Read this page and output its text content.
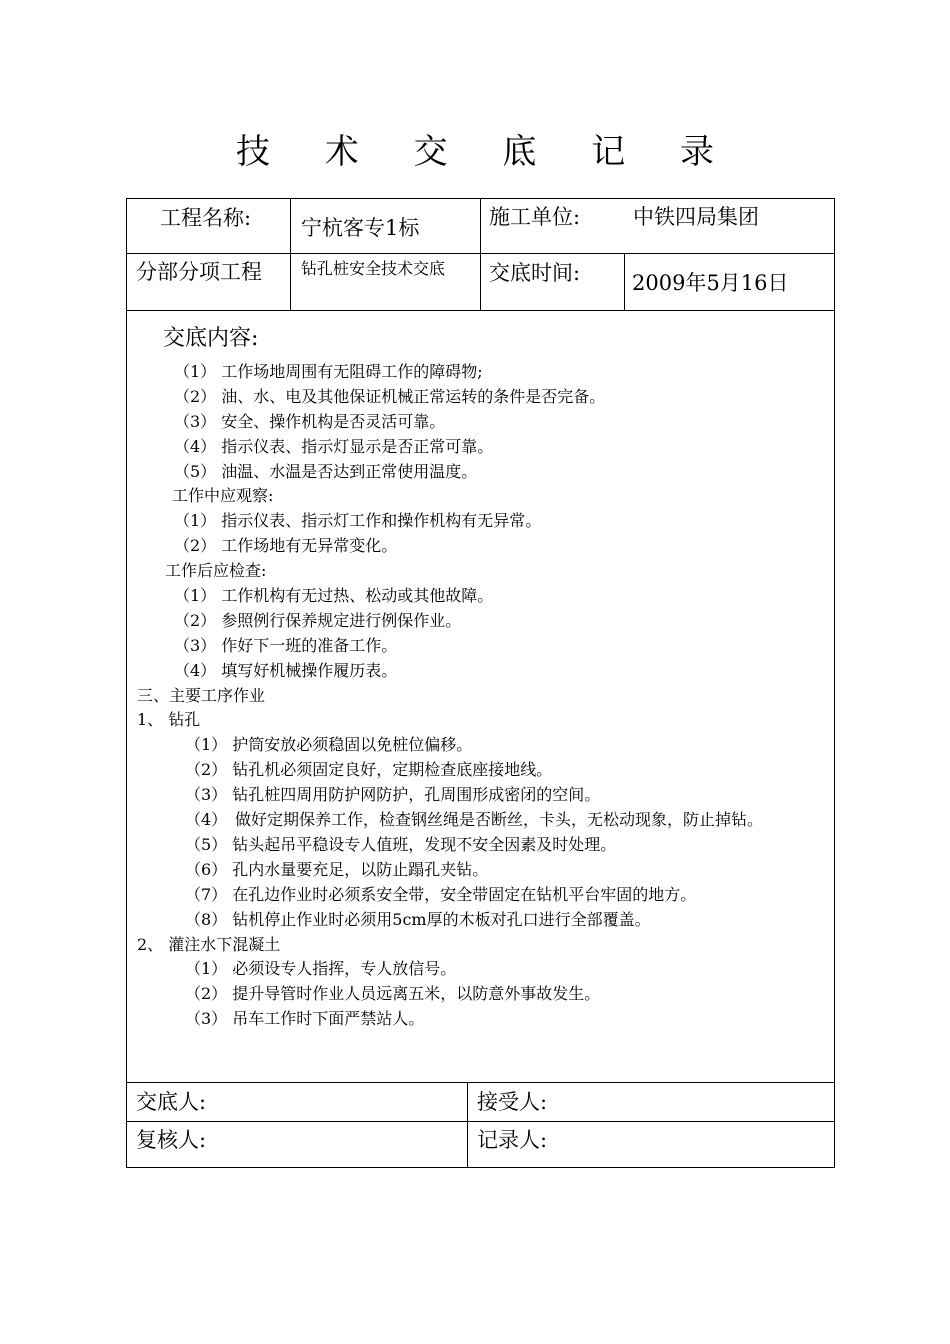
技 术 交 底 记 录
工程名称: 宁杭客专1标	施工单位:	中铁四局集团
分部分项工程 钻孔桩安全技术交底	交底时间: 2009年5月16日
交底内容:
（1） 工作场地周围有无阻碍工作的障碍物;
（2） 油、水、电及其他保证机械正常运转的条件是否完备。
（3） 安全、操作机构是否灵活可靠。
（4） 指示仪表、指示灯显示是否正常可靠。
（5） 油温、水温是否达到正常使用温度。
工作中应观察:
（1） 指示仪表、指示灯工作和操作机构有无异常。
（2） 工作场地有无异常变化。
工作后应检查:
（1） 工作机构有无过热、松动或其他故障。
（2） 参照例行保养规定进行例保作业。
（3） 作好下一班的准备工作。
（4） 填写好机械操作履历表。
三、主要工序作业
1、 钻孔
（1） 护筒安放必须稳固以免桩位偏移。
（2） 钻孔机必须固定良好，定期检查底座接地线。
（3） 钻孔桩四周用防护网防护，孔周围形成密闭的空间。
（4） 做好定期保养工作，检查钢丝绳是否断丝，卡头，无松动现象，防止掉钻。
（5） 钻头起吊平稳设专人值班，发现不安全因素及时处理。
（6） 孔内水量要充足，以防止蹋孔夹钻。
（7） 在孔边作业时必须系安全带，安全带固定在钻机平台牢固的地方。
（8） 钻机停止作业时必须用5cm厚的木板对孔口进行全部覆盖。
2、 灌注水下混凝土
（1） 必须设专人指挥，专人放信号。
（2） 提升导管时作业人员远离五米，以防意外事故发生。
（3） 吊车工作时下面严禁站人。
交底人:	接受人:
复核人:	记录人:
